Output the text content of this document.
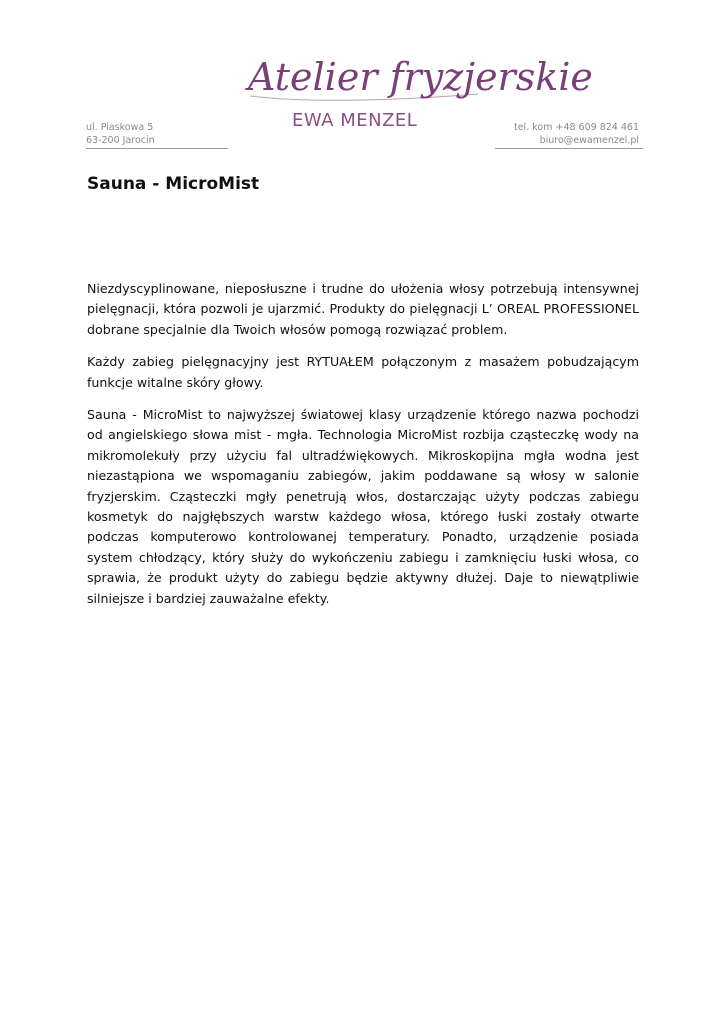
Atelier fryzjerskie
EWA MENZEL
ul. Piaskowa 5
63-200 Jarocin
tel. kom +48 609 824 461
biuro@ewamenzel.pl
Sauna - MicroMist

Niezdyscyplinowane, nieposłuszne i trudne do ułożenia włosy potrzebują intensywnej pielęgnacji, która pozwoli je ujarzmić. Produkty do pielęgnacji L’ OREAL PROFESSIONEL dobrane specjalnie dla Twoich włosów pomogą rozwiązać problem.

Każdy zabieg pielęgnacyjny jest RYTUAŁEM połączonym z masażem pobudzającym funkcje witalne skóry głowy.

Sauna - MicroMist to najwyższej światowej klasy urządzenie którego nazwa pochodzi od angielskiego słowa mist - mgła. Technologia MicroMist rozbija cząsteczkę wody na mikromolekuły przy użyciu fal ultradźwiękowych. Mikroskopijna mgła wodna jest niezastąpiona we wspomaganiu zabiegów, jakim poddawane są włosy w salonie fryzjerskim. Cząsteczki mgły penetrują włos, dostarczając użyty podczas zabiegu kosmetyk do najgłębszych warstw każdego włosa, którego łuski zostały otwarte podczas komputerowo kontrolowanej temperatury. Ponadto, urządzenie posiada system chłodzący, który służy do wykończeniu zabiegu i zamknięciu łuski włosa, co sprawia, że produkt użyty do zabiegu będzie aktywny dłużej. Daje to niewątpliwie silniejsze i bardziej zauważalne efekty.
